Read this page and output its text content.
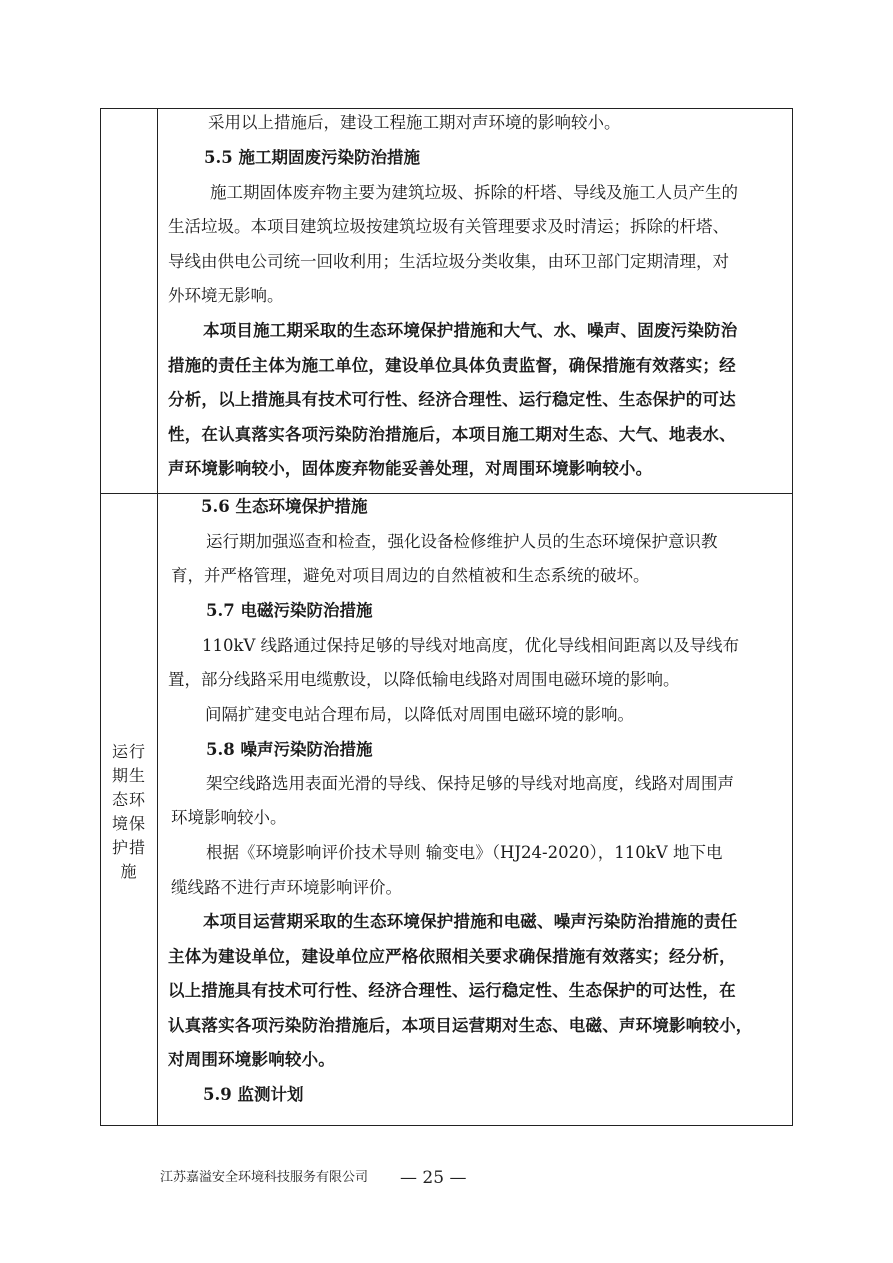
运行
期生
态环
境保
护措
施
采用以上措施后，建设工程施工期对声环境的影响较小。
5.5 施工期固废污染防治措施
施工期固体废弃物主要为建筑垃圾、拆除的杆塔、导线及施工人员产生的
生活垃圾。本项目建筑垃圾按建筑垃圾有关管理要求及时清运；拆除的杆塔、
导线由供电公司统一回收利用；生活垃圾分类收集，由环卫部门定期清理，对
外环境无影响。
本项目施工期采取的生态环境保护措施和大气、水、噪声、固废污染防治
措施的责任主体为施工单位，建设单位具体负责监督，确保措施有效落实；经
分析，以上措施具有技术可行性、经济合理性、运行稳定性、生态保护的可达
性，在认真落实各项污染防治措施后，本项目施工期对生态、大气、地表水、
声环境影响较小，固体废弃物能妥善处理，对周围环境影响较小。
5.6 生态环境保护措施
运行期加强巡查和检查，强化设备检修维护人员的生态环境保护意识教
育，并严格管理，避免对项目周边的自然植被和生态系统的破坏。
5.7 电磁污染防治措施
110kV 线路通过保持足够的导线对地高度，优化导线相间距离以及导线布
置，部分线路采用电缆敷设，以降低输电线路对周围电磁环境的影响。
间隔扩建变电站合理布局，以降低对周围电磁环境的影响。
5.8 噪声污染防治措施
架空线路选用表面光滑的导线、保持足够的导线对地高度，线路对周围声
环境影响较小。
根据《环境影响评价技术导则 输变电》（HJ24-2020），110kV 地下电
缆线路不进行声环境影响评价。
本项目运营期采取的生态环境保护措施和电磁、噪声污染防治措施的责任
主体为建设单位，建设单位应严格依照相关要求确保措施有效落实；经分析，
以上措施具有技术可行性、经济合理性、运行稳定性、生态保护的可达性，在
认真落实各项污染防治措施后，本项目运营期对生态、电磁、声环境影响较小，
对周围环境影响较小。
5.9 监测计划
江苏嘉溢安全环境科技服务有限公司 — 25 —
